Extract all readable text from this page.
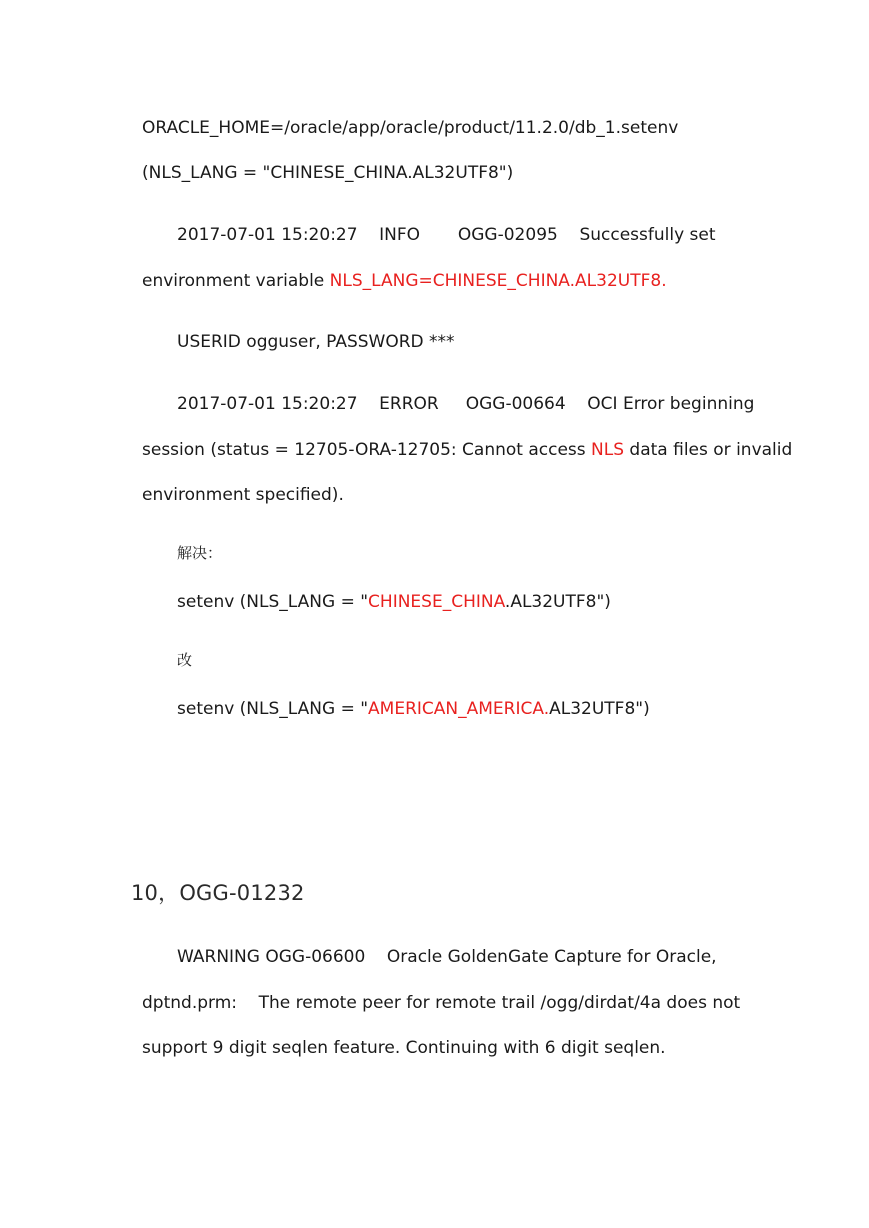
ORACLE_HOME=/oracle/app/oracle/product/11.2.0/db_1.setenv
(NLS_LANG = "CHINESE_CHINA.AL32UTF8")
2017-07-01 15:20:27    INFO       OGG-02095    Successfully set
environment variable NLS_LANG=CHINESE_CHINA.AL32UTF8.
USERID ogguser, PASSWORD ***
2017-07-01 15:20:27    ERROR     OGG-00664    OCI Error beginning
session (status = 12705-ORA-12705: Cannot access NLS data files or invalid
environment specified).
解决：
setenv (NLS_LANG = "CHINESE_CHINA.AL32UTF8")
改
setenv (NLS_LANG = "AMERICAN_AMERICA.AL32UTF8")
10，OGG-01232
WARNING OGG-06600    Oracle GoldenGate Capture for Oracle,
dptnd.prm:    The remote peer for remote trail /ogg/dirdat/4a does not
support 9 digit seqlen feature. Continuing with 6 digit seqlen.
